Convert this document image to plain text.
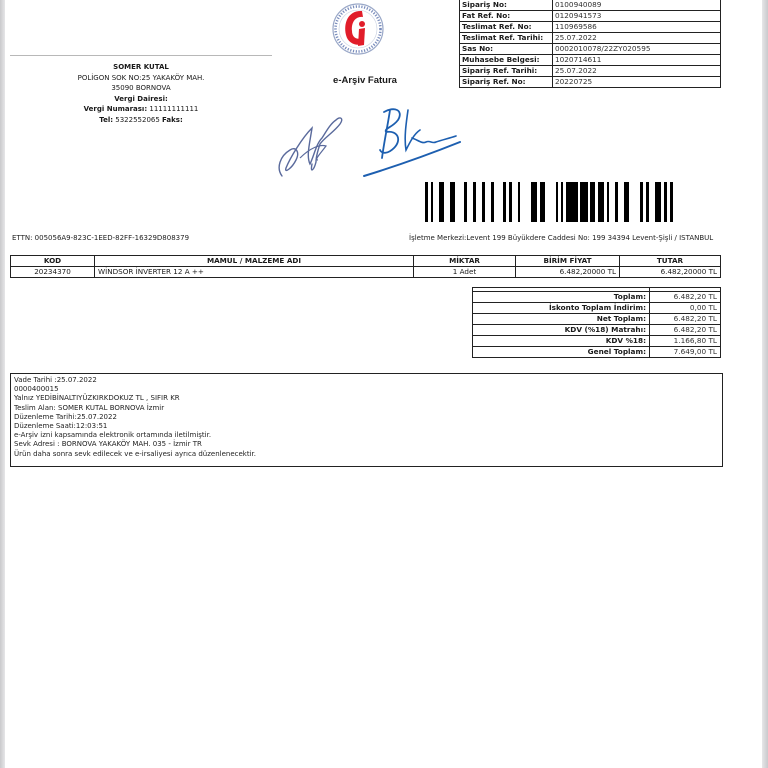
SOMER KUTAL
POLİGON SOK NO:25 YAKAKÖY MAH.
35090 BORNOVA
Vergi Dairesi:
Vergi Numarası: 11111111111
Tel: 5322552065 Faks:
e-Arşiv Fatura
Sipariş No:	0100940089
Fat Ref. No:	0120941573
Teslimat Ref. No:	110969586
Teslimat Ref. Tarihi:	25.07.2022
Sas No:	0002010078/22ZY020595
Muhasebe Belgesi:	1020714611
Sipariş Ref. Tarihi:	25.07.2022
Sipariş Ref. No:	20220725
ETTN: 005056A9-823C-1EED-82FF-16329D808379	İşletme Merkezi:Levent 199 Büyükdere Caddesi No: 199 34394 Levent-Şişli / ISTANBUL
KOD	MAMUL / MALZEME ADI	MİKTAR	BİRİM FİYAT	TUTAR
20234370	WİNDSOR İNVERTER 12 A ++	1 Adet	6.482,20000 TL	6.482,20000 TL

Toplam:	6.482,20 TL
İskonto Toplam İndirim:	0,00 TL
Net Toplam:	6.482,20 TL
KDV (%18) Matrahı:	6.482,20 TL
KDV %18:	1.166,80 TL
Genel Toplam:	7.649,00 TL
Vade Tarihi :25.07.2022
0000400015
Yalnız YEDİBİNALTIYÜZKIRKDOKUZ TL , SIFIR KR
Teslim Alan: SOMER KUTAL BORNOVA İzmir
Düzenleme Tarihi:25.07.2022
Düzenleme Saati:12:03:51
e-Arşiv izni kapsamında elektronik ortamında iletilmiştir.
Sevk Adresi : BORNOVA YAKAKÖY MAH. 035 - İzmir TR
Ürün daha sonra sevk edilecek ve e-irsaliyesi ayrıca düzenlenecektir.
